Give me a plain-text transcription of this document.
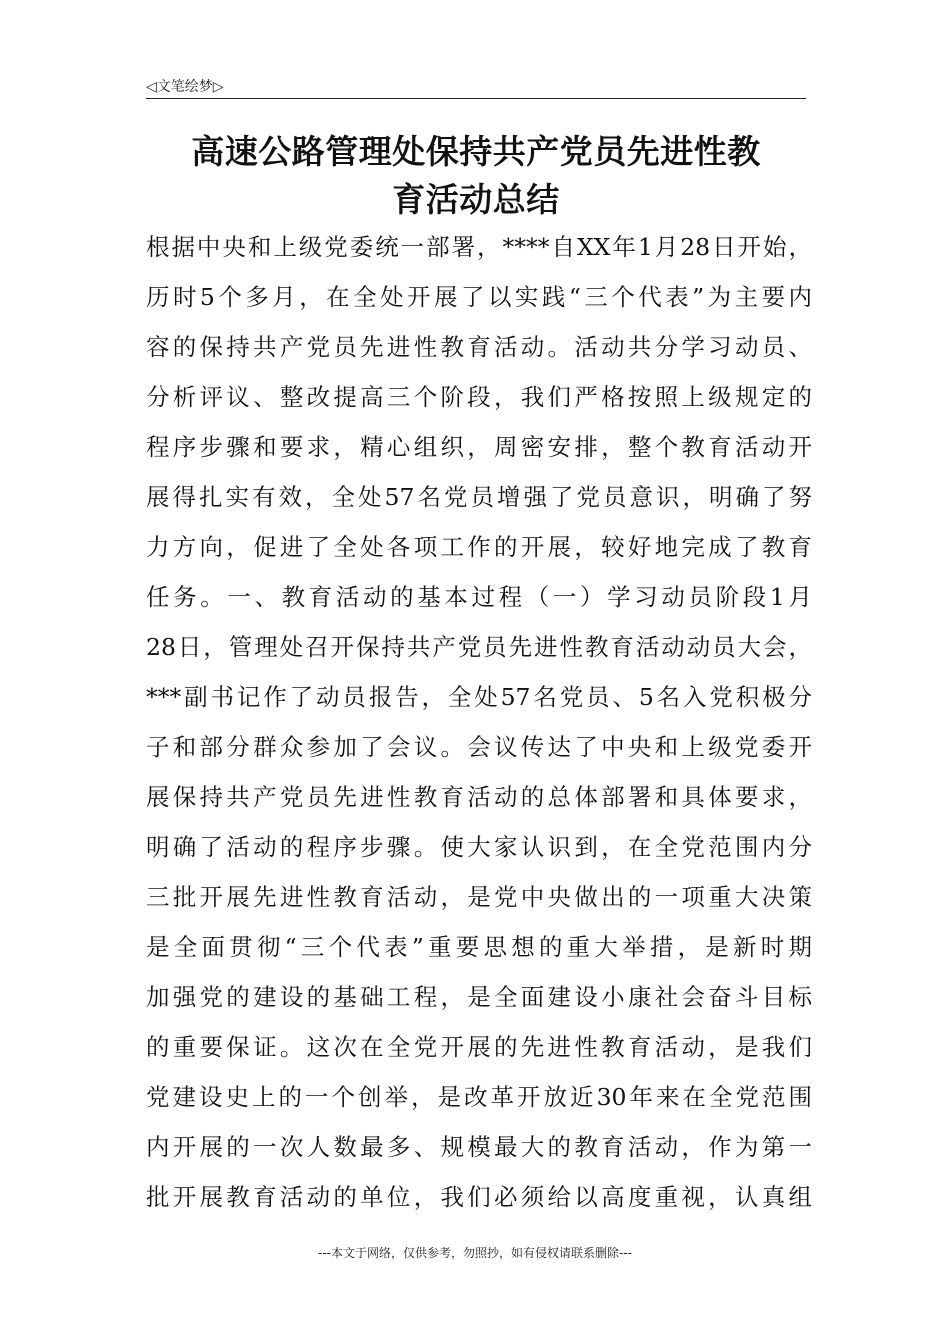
◁文笔绘梦▷
高速公路管理处保持共产党员先进性教
育活动总结
根据中央和上级党委统一部署，****自XX年1月28日开始，
历时5个多月，在全处开展了以实践“三个代表”为主要内
容的保持共产党员先进性教育活动。活动共分学习动员、
分析评议、整改提高三个阶段，我们严格按照上级规定的
程序步骤和要求，精心组织，周密安排，整个教育活动开
展得扎实有效，全处57名党员增强了党员意识，明确了努
力方向，促进了全处各项工作的开展，较好地完成了教育
任务。一、教育活动的基本过程（一）学习动员阶段1月
28日，管理处召开保持共产党员先进性教育活动动员大会，
***副书记作了动员报告，全处57名党员、5名入党积极分
子和部分群众参加了会议。会议传达了中央和上级党委开
展保持共产党员先进性教育活动的总体部署和具体要求，
明确了活动的程序步骤。使大家认识到，在全党范围内分
三批开展先进性教育活动，是党中央做出的一项重大决策
是全面贯彻“三个代表”重要思想的重大举措，是新时期
加强党的建设的基础工程，是全面建设小康社会奋斗目标
的重要保证。这次在全党开展的先进性教育活动，是我们
党建设史上的一个创举，是改革开放近30年来在全党范围
内开展的一次人数最多、规模最大的教育活动，作为第一
批开展教育活动的单位，我们必须给以高度重视，认真组
---本文于网络，仅供参考，勿照抄，如有侵权请联系删除---
